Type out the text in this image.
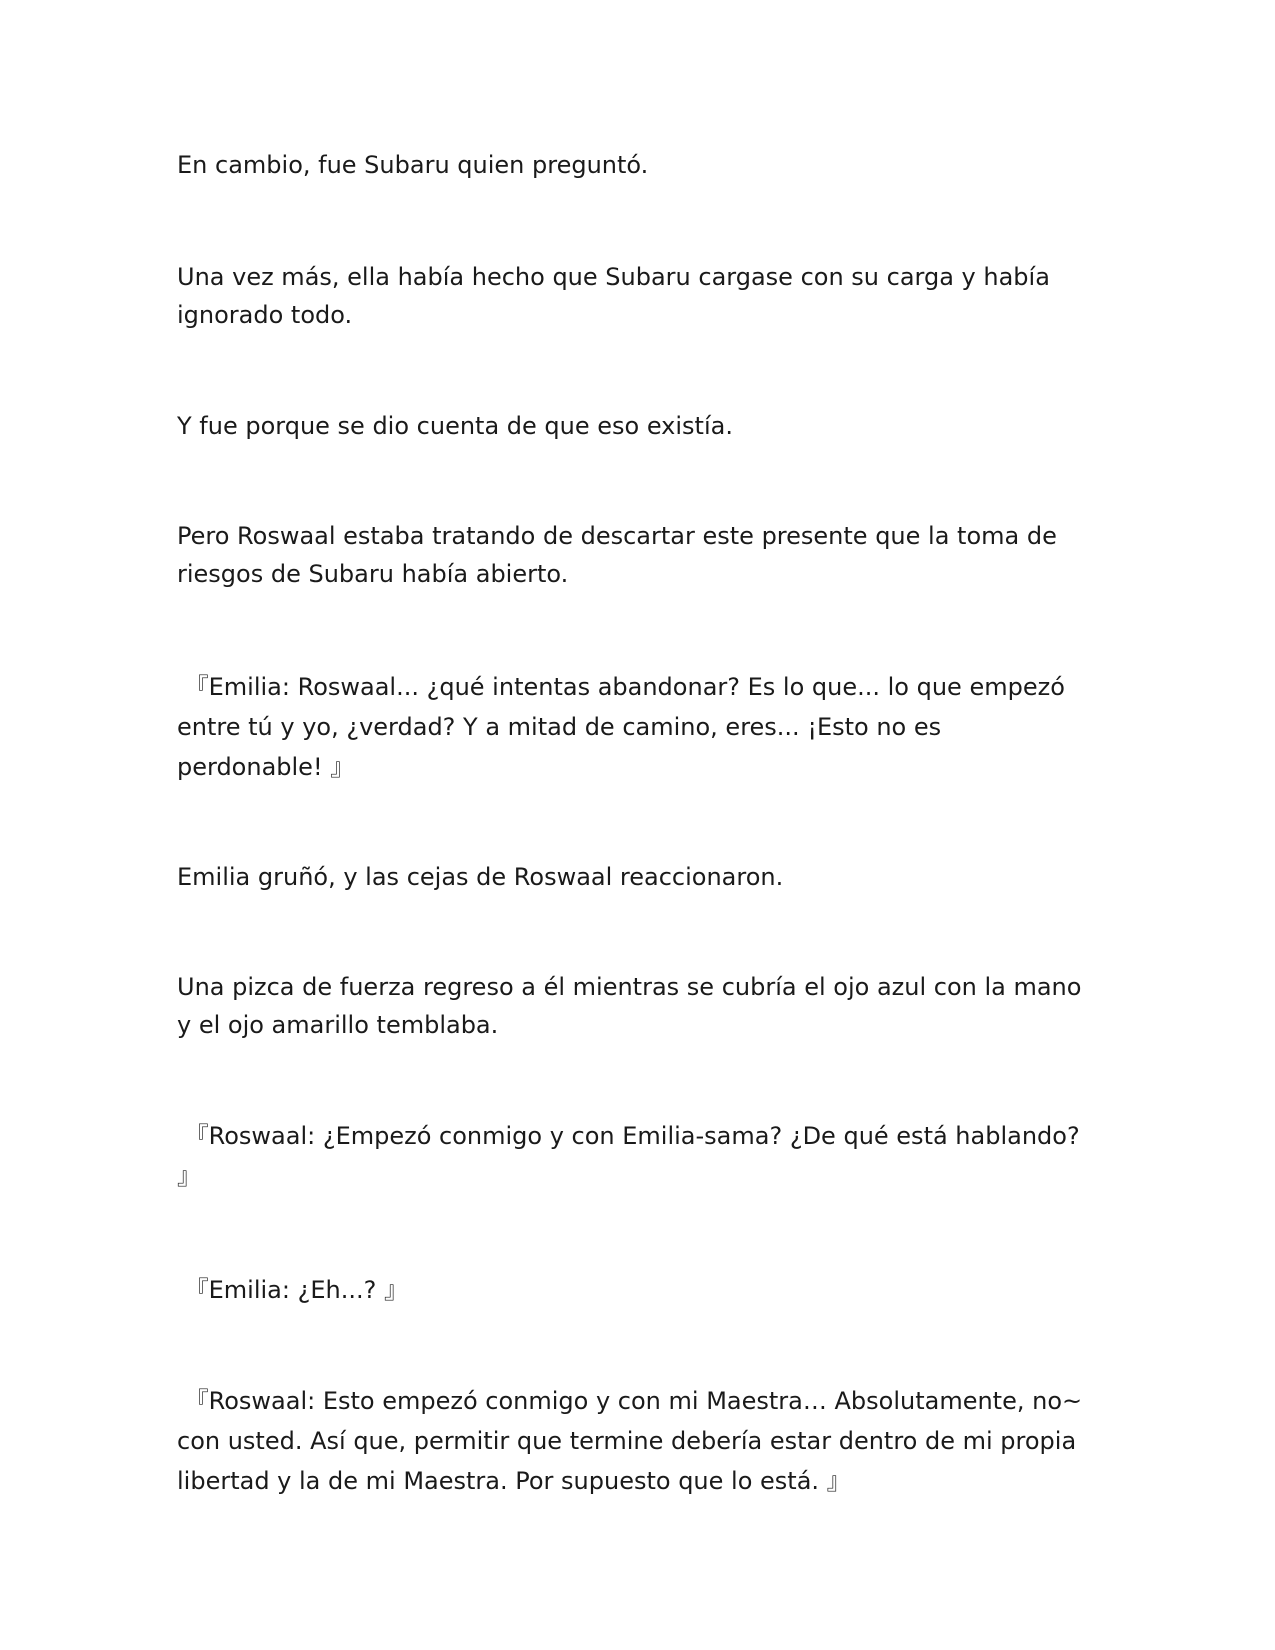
En cambio, fue Subaru quien preguntó.

Una vez más, ella había hecho que Subaru cargase con su carga y había ignorado todo.

Y fue porque se dio cuenta de que eso existía.

Pero Roswaal estaba tratando de descartar este presente que la toma de riesgos de Subaru había abierto.

『Emilia: Roswaal... ¿qué intentas abandonar? Es lo que... lo que empezó entre tú y yo, ¿verdad? Y a mitad de camino, eres... ¡Esto no es perdonable! 』

Emilia gruñó, y las cejas de Roswaal reaccionaron.

Una pizca de fuerza regreso a él mientras se cubría el ojo azul con la mano y el ojo amarillo temblaba.

『Roswaal: ¿Empezó conmigo y con Emilia-sama? ¿De qué está hablando? 』

『Emilia: ¿Eh...? 』

『Roswaal: Esto empezó conmigo y con mi Maestra… Absolutamente, no~ con usted. Así que, permitir que termine debería estar dentro de mi propia libertad y la de mi Maestra. Por supuesto que lo está. 』
